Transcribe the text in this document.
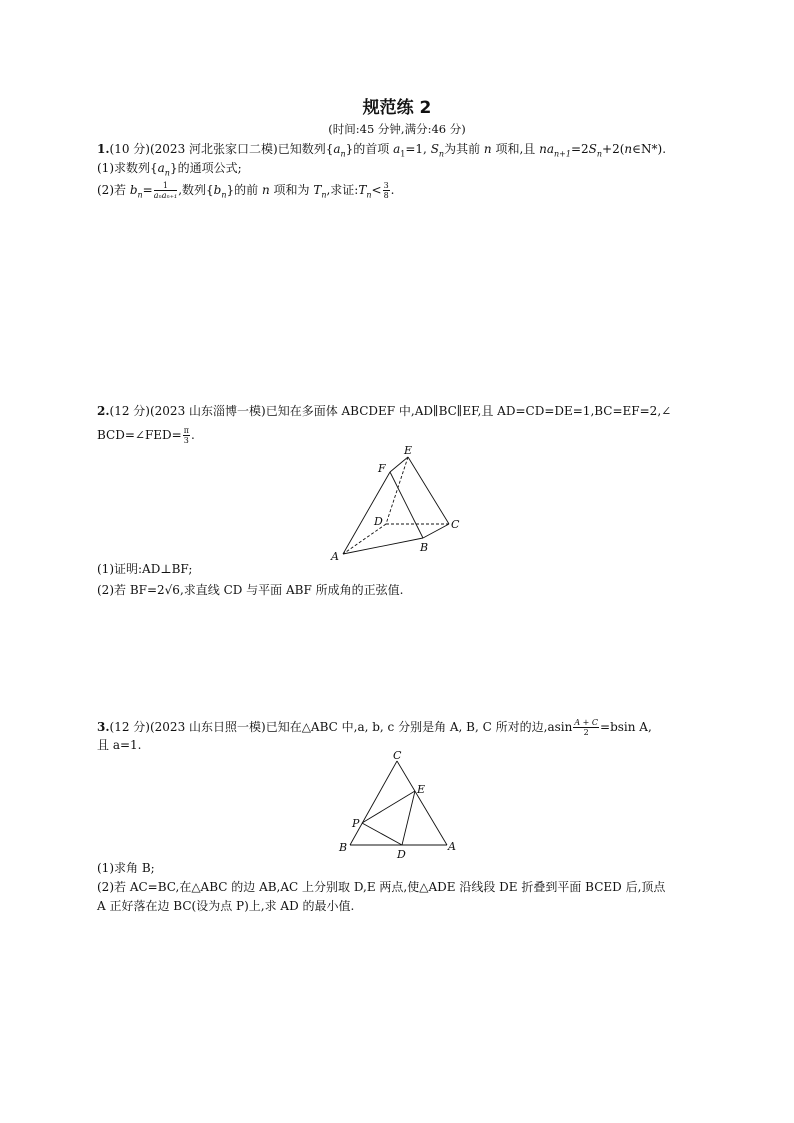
规范练 2
(时间:45 分钟,满分:46 分)
1.(10 分)(2023 河北张家口二模)已知数列$\{a_n\}$的首项 $a_1=1$, $S_n$为其前 n 项和,且 $na_{n+1}=2S_n+2(n\in N*)$.
(1)求数列$\{a_n\}$的通项公式;
(2)若 $b_n= \frac{1}{\text{aₙaₙ₊₁}}$ ,数列$\{b_n\}$的前 n 项和为 $T_n$,求证$:T_n< \frac{3}{8}$ .
2.(12 分)(2023 山东淄博一模)已知在多面体 ABCDEF 中,AD∥BC∥EF,且 AD=CD=DE=1,BC=EF=2,∠
BCD=∠FED= $\frac{\pi}{3}$ .
E
F
D	C
A
B
(1)证明:AD⊥BF;
(2)若 BF=2√6,求直线 CD 与平面 ABF 所成角的正弦值.
3.(12 分)(2023 山东日照一模)已知在△ABC 中,a, b, c 分别是角 A, B, C 所对的边$,asin \frac{A + C}{2} =bsin$ A,
且 a=1.
C
E
P
B
D
A
(1)求角 B;
(2)若 AC=BC,在△ABC 的边 AB,AC 上分别取 D,E 两点,使△ADE 沿线段 DE 折叠到平面 BCED 后,顶点
A 正好落在边 BC(设为点 P)上,求 AD 的最小值.
